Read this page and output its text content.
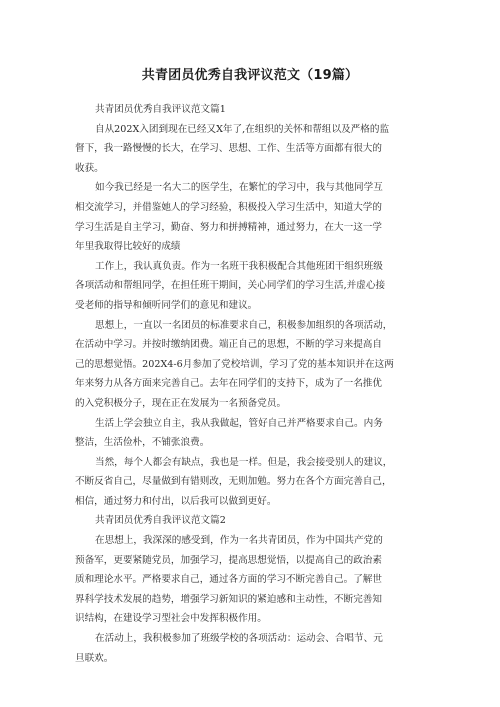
共青团员优秀自我评议范文（19篇）
共青团员优秀自我评议范文篇1
自从202X入团到现在已经又X年了,在组织的关怀和帮组以及严格的监
督下，我一路慢慢的长大，在学习、思想、工作、生活等方面都有很大的
收获。
如今我已经是一名大二的医学生，在繁忙的学习中，我与其他同学互
相交流学习，并借鉴她人的学习经验，积极投入学习生活中，知道大学的
学习生活是自主学习，勤奋、努力和拼搏精神，通过努力，在大一这一学
年里我取得比较好的成绩
工作上，我认真负责。作为一名班干我积极配合其他班团干组织班级
各项活动和帮组同学，在担任班干期间，关心同学们的学习生活,并虚心接
受老师的指导和倾听同学们的意见和建议。
思想上，一直以一名团员的标准要求自己，积极参加组织的各项活动，
在活动中学习。并按时缴纳团费。端正自己的思想，不断的学习来提高自
己的思想觉悟。202X4-6月参加了党校培训，学习了党的基本知识并在这两
年来努力从各方面来完善自己。去年在同学们的支持下，成为了一名推优
的入党积极分子，现在正在发展为一名预备党员。
生活上学会独立自主，我从我做起，管好自己并严格要求自己。内务
整洁，生活俭朴，不铺张浪费。
当然，每个人都会有缺点，我也是一样。但是，我会接受别人的建议，
不断反省自己，尽量做到有错则改，无则加勉。努力在各个方面完善自己，
相信，通过努力和付出，以后我可以做到更好。
共青团员优秀自我评议范文篇2
在思想上，我深深的感受到，作为一名共青团员，作为中国共产党的
预备军，更要紧随党员，加强学习，提高思想觉悟，以提高自己的政治素
质和理论水平。严格要求自己，通过各方面的学习不断完善自己。了解世
界科学技术发展的趋势，增强学习新知识的紧迫感和主动性，不断完善知
识结构，在建设学习型社会中发挥积极作用。
在活动上，我积极参加了班级学校的各项活动：运动会、合唱节、元
旦联欢。
